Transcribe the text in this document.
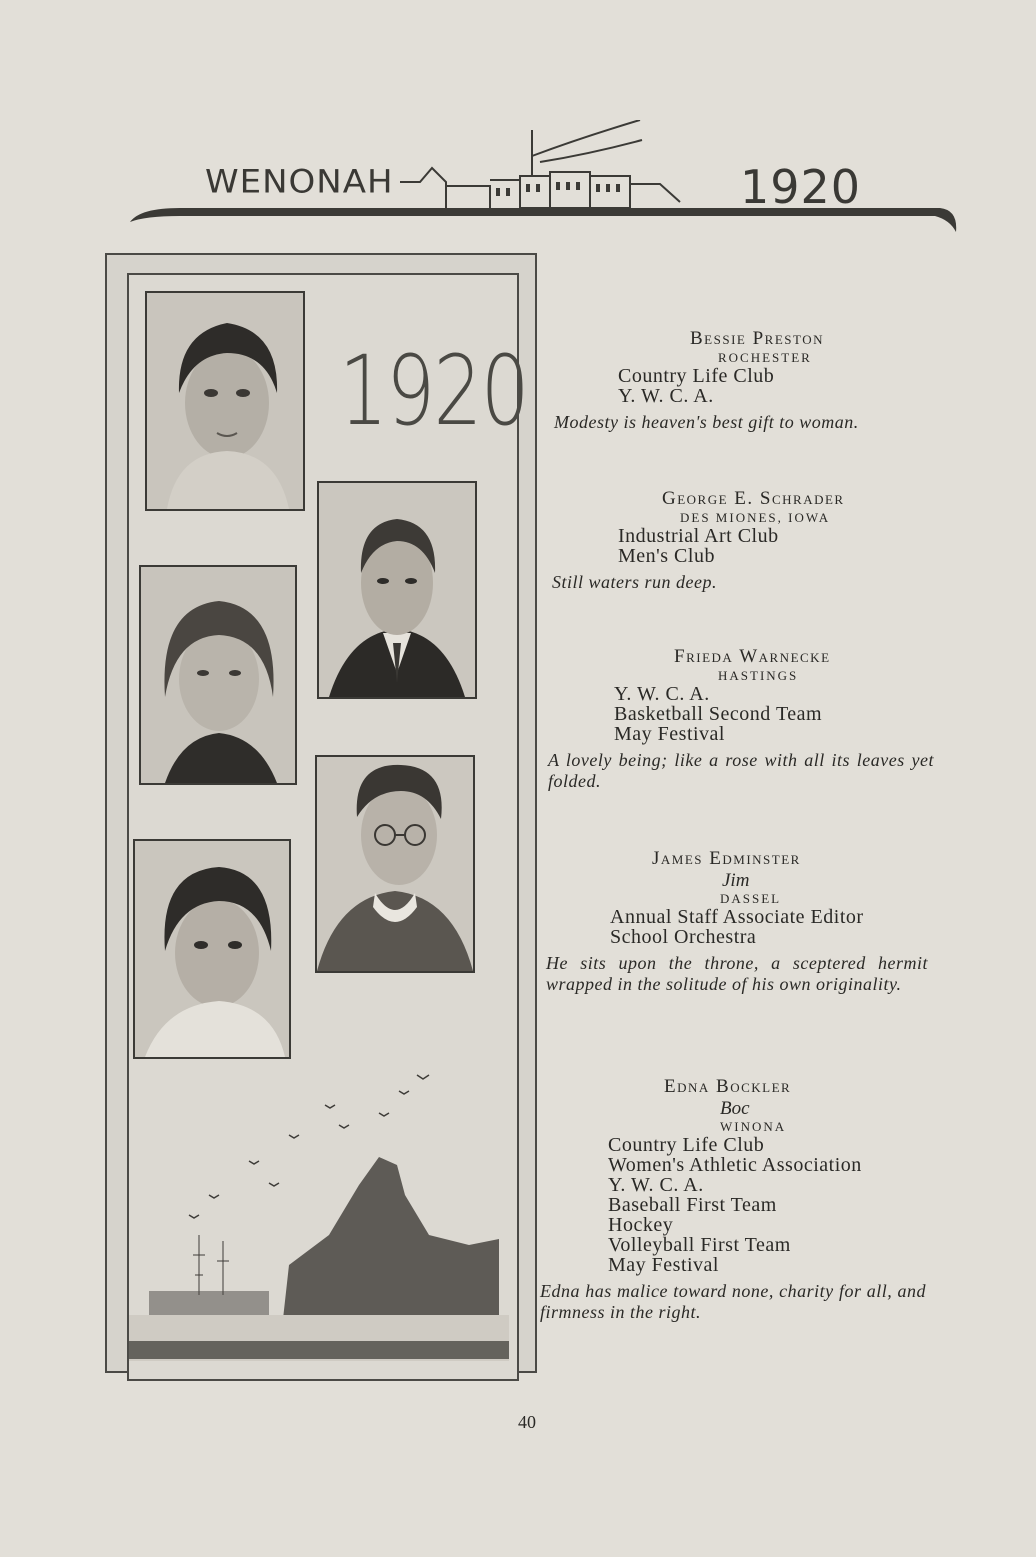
WENONAH	1920
1920	Bessie Preston
ROCHESTER
Country Life Club
Y. W. C. A.
Modesty is heaven's best gift to woman.
George E. Schrader
DES MIONES, IOWA
Industrial Art Club
Men's Club
Still waters run deep.
Frieda Warnecke
HASTINGS
Y. W. C. A.
Basketball Second Team
May Festival
A lovely being; like a rose with all its leaves yet folded.
James Edminster
Jim
DASSEL
Annual Staff Associate Editor
School Orchestra
He sits upon the throne, a sceptered hermit wrapped in the solitude of his own originality.
Edna Bockler
Boc
WINONA
Country Life Club
Women's Athletic Association
Y. W. C. A.
Baseball First Team
Hockey
Volleyball First Team
May Festival
Edna has malice toward none, charity for all, and firmness in the right.
40
